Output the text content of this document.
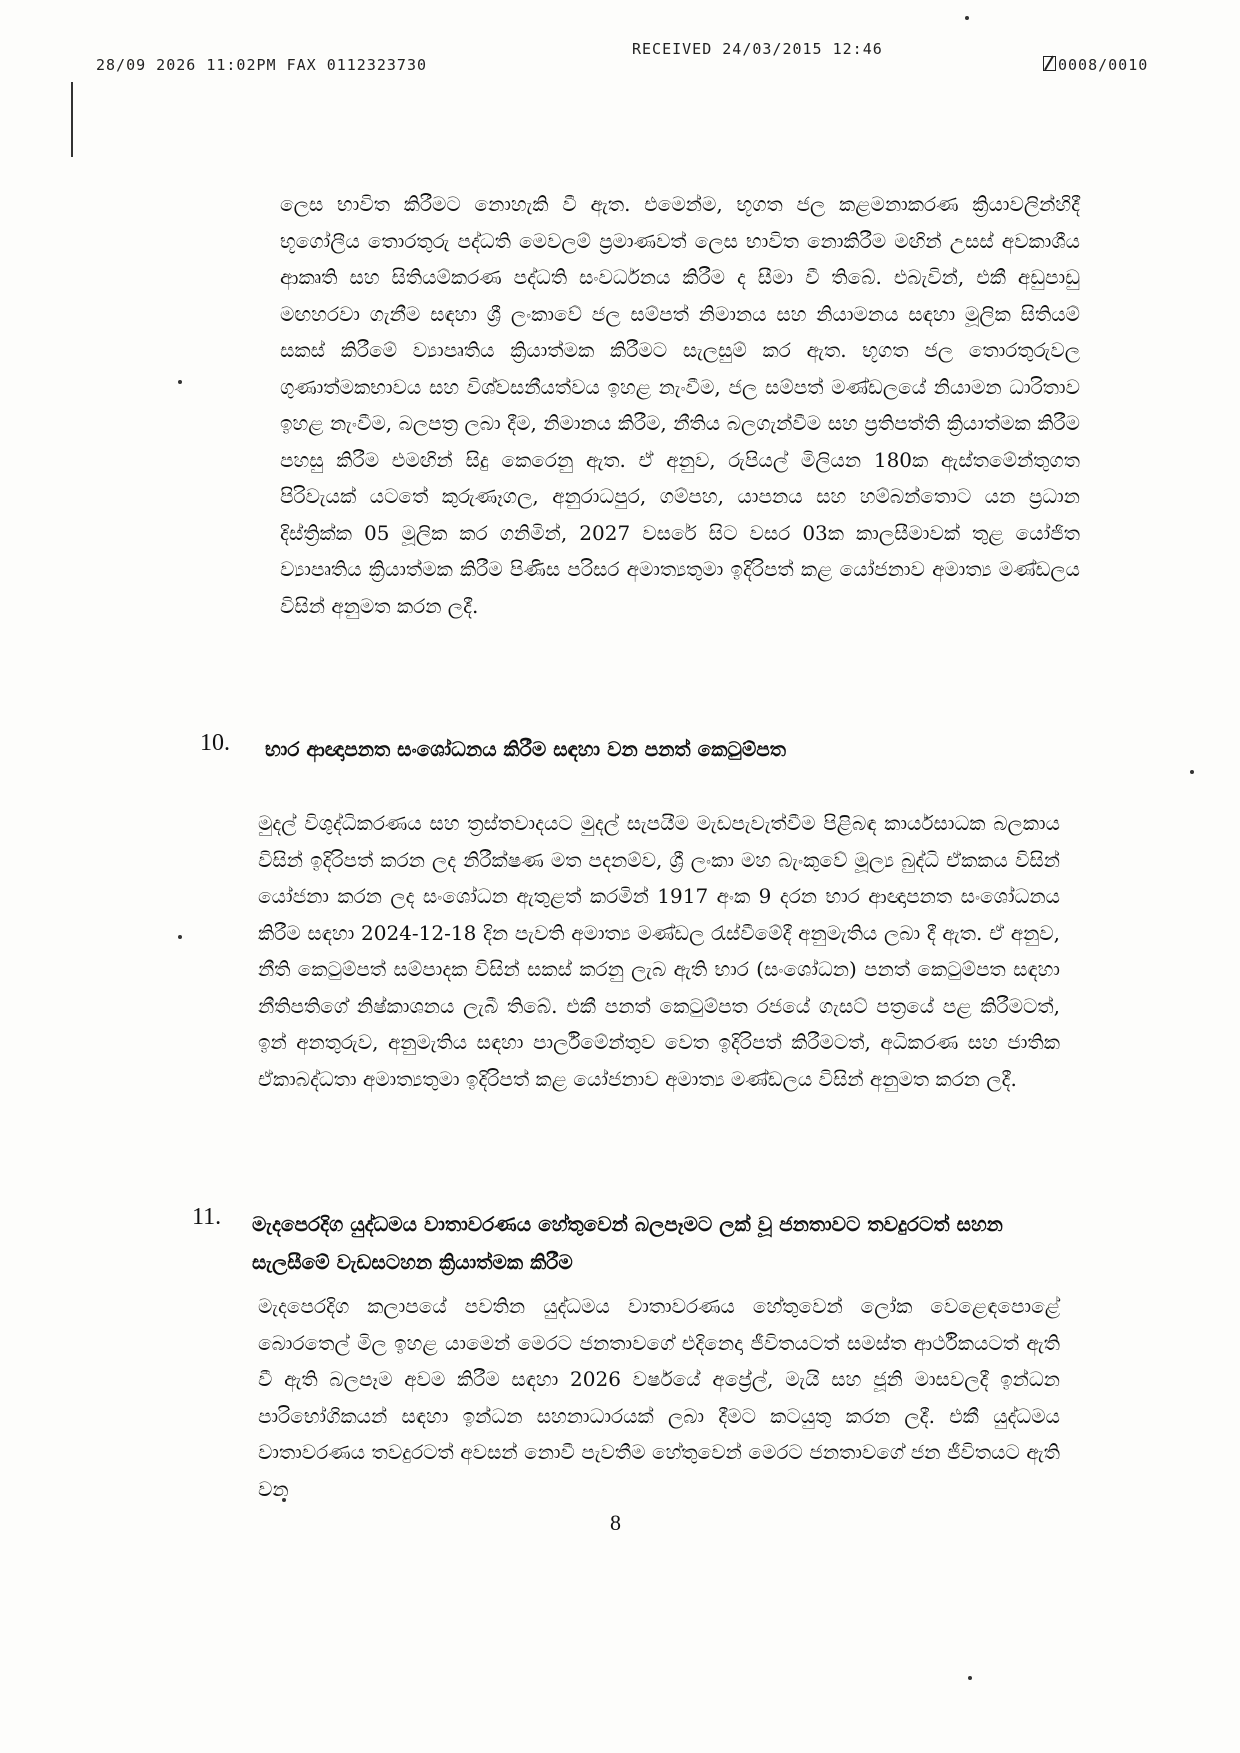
28/09 2026 11:02PM FAX 0112323730
RECEIVED 24/03/2015 12:46
0008/0010
ලෙස භාවිත කිරීමට නොහැකි වී ඇත. එමෙන්ම, භූගත ජල කළමනාකරණ ක්‍රියාවලින්හිදී භූගෝලීය තොරතුරු පද්ධති මෙවලම් ප්‍රමාණවත් ලෙස භාවිත නොකිරීම මඟින් උසස් අවකාශීය ආකෘති සහ සිතියම්කරණ පද්ධති සංවර්ධනය කිරීම ද සීමා වී තිබේ. එබැවින්, එකී අඩුපාඩු මඟහරවා ගැනීම සඳහා ශ්‍රී ලංකාවේ ජල සම්පත් නිමානය සහ නියාමනය සඳහා මූලික සිතියම් සකස් කිරීමේ ව්‍යාපෘතිය ක්‍රියාත්මක කිරීමට සැලසුම් කර ඇත. භූගත ජල තොරතුරුවල ගුණාත්මකභාවය සහ විශ්වසනීයත්වය ඉහළ නැංවීම, ජල සම්පත් මණ්ඩලයේ නියාමන ධාරිතාව ඉහළ නැංවීම, බලපත්‍ර ලබා දීම, නිමානය කිරීම, නීතිය බලගැන්වීම සහ ප්‍රතිපත්ති ක්‍රියාත්මක කිරීම පහසු කිරීම එමඟින් සිදු කෙරෙනු ඇත. ඒ අනුව, රුපියල් මිලියන 180ක ඇස්තමේන්තුගත පිරිවැයක් යටතේ කුරුණෑගල, අනුරාධපුර, ගම්පහ, යාපනය සහ හම්බන්තොට යන ප්‍රධාන දිස්ත්‍රික්ක 05 මූලික කර ගනිමින්, 2027 වසරේ සිට වසර 03ක කාලසීමාවක් තුළ යෝජිත ව්‍යාපෘතිය ක්‍රියාත්මක කිරීම පිණිස පරිසර අමාත්‍යතුමා ඉදිරිපත් කළ යෝජනාව අමාත්‍ය මණ්ඩලය විසින් අනුමත කරන ලදී.
10. භාර ආඥාපනත සංශෝධනය කිරීම සඳහා වන පනත් කෙටුම්පත
මුදල් විශුද්ධිකරණය සහ ත්‍රස්තවාදයට මුදල් සැපයීම මැඩපැවැත්වීම පිළිබඳ කාර්යසාධක බලකාය විසින් ඉදිරිපත් කරන ලද නිරීක්ෂණ මත පදනම්ව, ශ්‍රී ලංකා මහ බැංකුවේ මූල්‍ය බුද්ධි ඒකකය විසින් යෝජනා කරන ලද සංශෝධන ඇතුළත් කරමින් 1917 අංක 9 දරන භාර ආඥාපනත සංශෝධනය කිරීම සඳහා 2024-12-18 දින පැවති අමාත්‍ය මණ්ඩල රැස්වීමේදී අනුමැතිය ලබා දී ඇත. ඒ අනුව, නීති කෙටුම්පත් සම්පාදක විසින් සකස් කරනු ලැබ ඇති භාර (සංශෝධන) පනත් කෙටුම්පත සඳහා නීතිපතිගේ නිෂ්කාශනය ලැබී තිබේ. එකී පනත් කෙටුම්පත රජයේ ගැසට් පත්‍රයේ පළ කිරීමටත්, ඉන් අනතුරුව, අනුමැතිය සඳහා පාර්ලිමේන්තුව වෙත ඉදිරිපත් කිරීමටත්, අධිකරණ සහ ජාතික ඒකාබද්ධතා අමාත්‍යතුමා ඉදිරිපත් කළ යෝජනාව අමාත්‍ය මණ්ඩලය විසින් අනුමත කරන ලදී.
11. මැදපෙරදිග යුද්ධමය වාතාවරණය හේතුවෙන් බලපෑමට ලක් වූ ජනතාවට තවදුරටත් සහන සැලසීමේ වැඩසටහන ක්‍රියාත්මක කිරීම
මැදපෙරදිග කලාපයේ පවතින යුද්ධමය වාතාවරණය හේතුවෙන් ලෝක වෙළෙඳපොළේ බොරතෙල් මිල ඉහළ යාමෙන් මෙරට ජනතාවගේ එදිනෙදා ජීවිතයටත් සමස්ත ආර්ථිකයටත් ඇති වී ඇති බලපෑම අවම කිරීම සඳහා 2026 වර්ෂයේ අප්‍රේල්, මැයි සහ ජූනි මාසවලදී ඉන්ධන පාරිභෝගිකයන් සඳහා ඉන්ධන සහනාධාරයක් ලබා දීමට කටයුතු කරන ලදී. එකී යුද්ධමය වාතාවරණය තවදුරටත් අවසන් නොවී පැවතීම හේතුවෙන් මෙරට ජනතාවගේ ජන ජීවිතයට ඇති වන
8
